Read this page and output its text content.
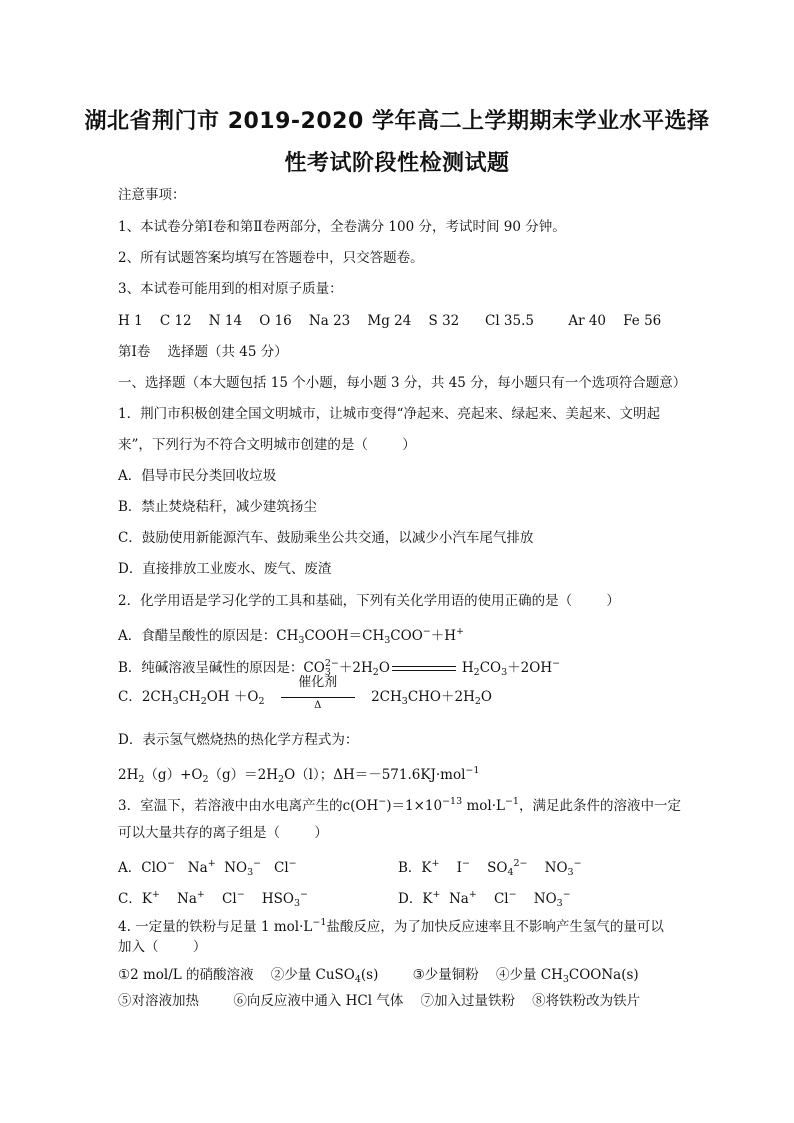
湖北省荆门市 2019-2020 学年高二上学期期末学业水平选择
性考试阶段性检测试题
注意事项：
1、本试卷分第Ⅰ卷和第Ⅱ卷两部分，全卷满分 100 分，考试时间 90 分钟。
2、所有试题答案均填写在答题卷中，只交答题卷。
3、本试卷可能用到的相对原子质量：
H 1    C 12    N 14    O 16    Na 23    Mg 24    S 32      Cl 35.5        Ar 40    Fe 56
第Ⅰ卷    选择题（共 45 分）
一、选择题（本大题包括 15 个小题，每小题 3 分，共 45 分，每小题只有一个选项符合题意）
1．荆门市积极创建全国文明城市，让城市变得“净起来、亮起来、绿起来、美起来、文明起
来”，下列行为不符合文明城市创建的是（        ）
A．倡导市民分类回收垃圾
B．禁止焚烧秸秆，减少建筑扬尘
C．鼓励使用新能源汽车、鼓励乘坐公共交通，以减少小汽车尾气排放
D．直接排放工业废水、废气、废渣
2．化学用语是学习化学的工具和基础，下列有关化学用语的使用正确的是（        ）
A．食醋呈酸性的原因是：$CH_3COOH=CH_3COO^-+H^+$
B．纯碱溶液呈碱性的原因是：$CO_3^{2-}+2H_2O$	$H_2CO_3+2OH^-$
C．$2CH_3CH_2OH +O_2$
催化剂
Δ
$2CH_3CHO+2H_2O$
D．表示氢气燃烧热的热化学方程式为：
$2H_2(g)+O_2(g)=2H_2O(l)$；ΔH＝－571.6KJ·mol$^{-1}$
3．室温下，若溶液中由水电离产生的$c(OH^-)=1\times 10^{-13}$ $mol\cdot L^{-1}$，满足此条件的溶液中一定
可以大量共存的离子组是（        ）
A．ClO−   Na+  $NO_3^-$   Cl−	B．K+    I−    $SO_4^{2-}$    $NO_3^-$
C．K+    Na+    Cl−    $HSO_3^-$	D．K+  Na+    Cl−    $NO_3^-$
4. 一定量的铁粉与足量 1 $mol\cdot L^{-1}$盐酸反应，为了加快反应速率且不影响产生氢气的量可以
加入（        ）
①2 mol/L 的硝酸溶液    ②少量 CuSO$_4$(s)        ③少量铜粉    ④少量 $CH_3COONa(s)$
⑤对溶液加热        ⑥向反应液中通入 HCl 气体    ⑦加入过量铁粉    ⑧将铁粉改为铁片
